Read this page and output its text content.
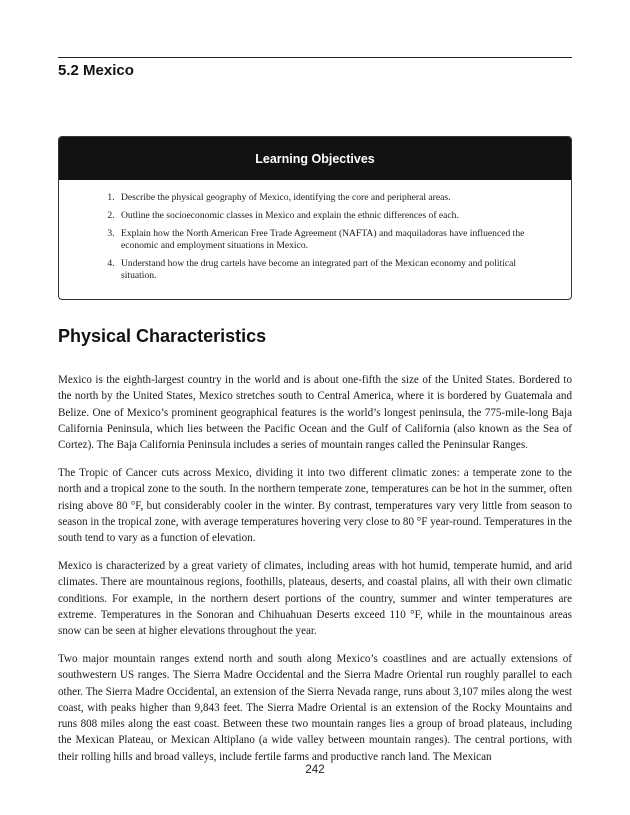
5.2 Mexico
Learning Objectives
1. Describe the physical geography of Mexico, identifying the core and peripheral areas.
2. Outline the socioeconomic classes in Mexico and explain the ethnic differences of each.
3. Explain how the North American Free Trade Agreement (NAFTA) and maquiladoras have influenced the economic and employment situations in Mexico.
4. Understand how the drug cartels have become an integrated part of the Mexican economy and political situation.
Physical Characteristics

Mexico is the eighth-largest country in the world and is about one-fifth the size of the United States. Bordered to the north by the United States, Mexico stretches south to Central America, where it is bordered by Guatemala and Belize. One of Mexico’s prominent geographical features is the world’s longest peninsula, the 775-mile-long Baja California Peninsula, which lies between the Pacific Ocean and the Gulf of California (also known as the Sea of Cortez). The Baja California Peninsula includes a series of mountain ranges called the Peninsular Ranges.

The Tropic of Cancer cuts across Mexico, dividing it into two different climatic zones: a temperate zone to the north and a tropical zone to the south. In the northern temperate zone, temperatures can be hot in the summer, often rising above 80 °F, but considerably cooler in the winter. By contrast, temperatures vary very little from season to season in the tropical zone, with average temperatures hovering very close to 80 °F year-round. Temperatures in the south tend to vary as a function of elevation.

Mexico is characterized by a great variety of climates, including areas with hot humid, temperate humid, and arid climates. There are mountainous regions, foothills, plateaus, deserts, and coastal plains, all with their own climatic conditions. For example, in the northern desert portions of the country, summer and winter temperatures are extreme. Temperatures in the Sonoran and Chihuahuan Deserts exceed 110 °F, while in the mountainous areas snow can be seen at higher elevations throughout the year.

Two major mountain ranges extend north and south along Mexico’s coastlines and are actually extensions of southwestern US ranges. The Sierra Madre Occidental and the Sierra Madre Oriental run roughly parallel to each other. The Sierra Madre Occidental, an extension of the Sierra Nevada range, runs about 3,107 miles along the west coast, with peaks higher than 9,843 feet. The Sierra Madre Oriental is an extension of the Rocky Mountains and runs 808 miles along the east coast. Between these two mountain ranges lies a group of broad plateaus, including the Mexican Plateau, or Mexican Altiplano (a wide valley between mountain ranges). The central portions, with their rolling hills and broad valleys, include fertile farms and productive ranch land. The Mexican

242
